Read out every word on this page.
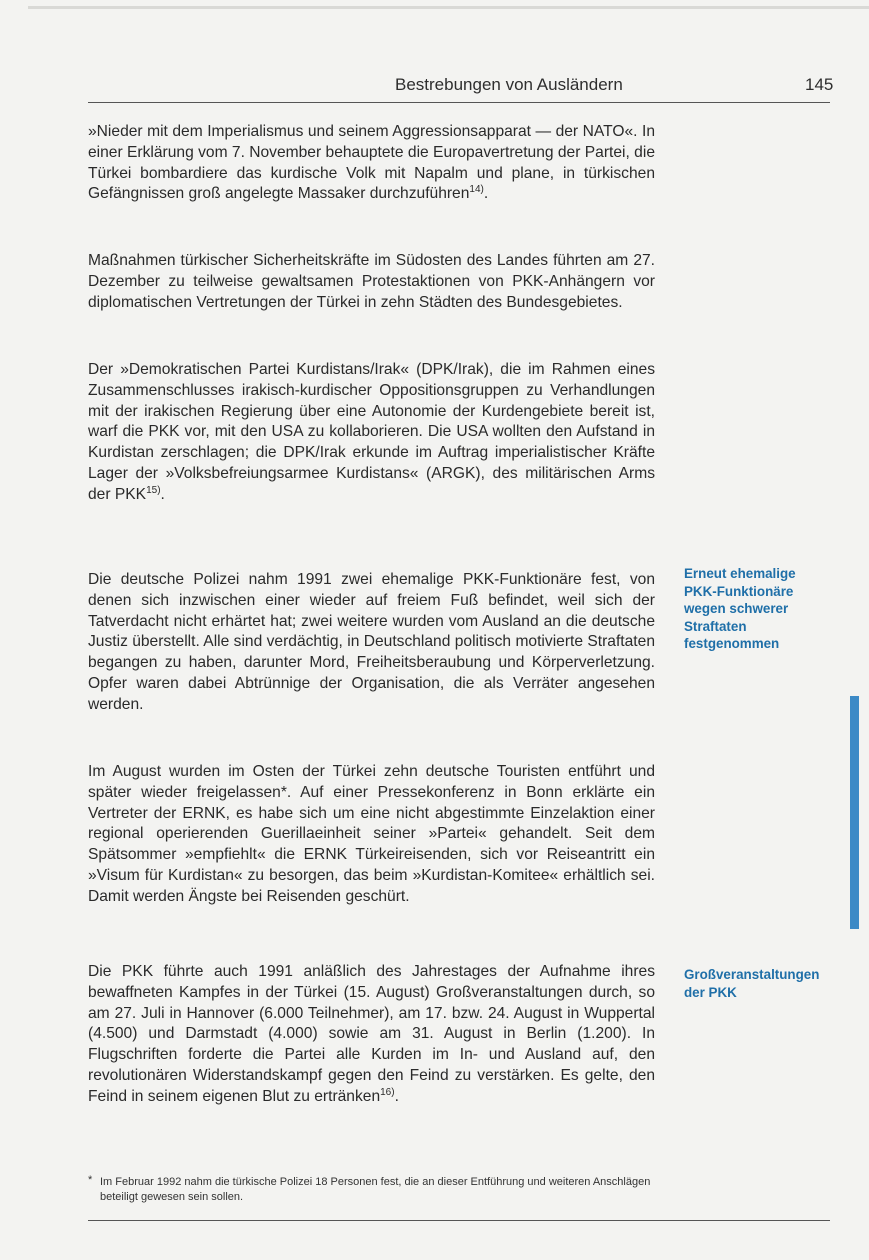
Bestrebungen von Ausländern	145

»Nieder mit dem Imperialismus und seinem Aggressionsapparat — der NATO«. In einer Erklärung vom 7. November behauptete die Europavertretung der Partei, die Türkei bombardiere das kurdische Volk mit Napalm und plane, in türkischen Gefängnissen groß angelegte Massaker durchzuführen$^{14)}$.

Maßnahmen türkischer Sicherheitskräfte im Südosten des Landes führten am 27. Dezember zu teilweise gewaltsamen Protestaktionen von PKK-Anhängern vor diplomatischen Vertretungen der Türkei in zehn Städten des Bundesgebietes.

Der »Demokratischen Partei Kurdistans/Irak« (DPK/Irak), die im Rahmen eines Zusammenschlusses irakisch-kurdischer Oppositionsgruppen zu Verhandlungen mit der irakischen Regierung über eine Autonomie der Kurdengebiete bereit ist, warf die PKK vor, mit den USA zu kollaborieren. Die USA wollten den Aufstand in Kurdistan zerschlagen; die DPK/Irak erkunde im Auftrag imperialistischer Kräfte Lager der »Volksbefreiungsarmee Kurdistans« (ARGK), des militärischen Arms der PKK$^{15)}$.

Die deutsche Polizei nahm 1991 zwei ehemalige PKK-Funktionäre fest, von denen sich inzwischen einer wieder auf freiem Fuß befindet, weil sich der Tatverdacht nicht erhärtet hat; zwei weitere wurden vom Ausland an die deutsche Justiz überstellt. Alle sind verdächtig, in Deutschland politisch motivierte Straftaten begangen zu haben, darunter Mord, Freiheitsberaubung und Körperverletzung. Opfer waren dabei Abtrünnige der Organisation, die als Verräter angesehen werden.

Im August wurden im Osten der Türkei zehn deutsche Touristen entführt und später wieder freigelassen*. Auf einer Pressekonferenz in Bonn erklärte ein Vertreter der ERNK, es habe sich um eine nicht abgestimmte Einzelaktion einer regional operierenden Guerillaeinheit seiner »Partei« gehandelt. Seit dem Spätsommer »empfiehlt« die ERNK Türkeireisenden, sich vor Reiseantritt ein »Visum für Kurdistan« zu besorgen, das beim »Kurdistan-Komitee« erhältlich sei. Damit werden Ängste bei Reisenden geschürt.

Die PKK führte auch 1991 anläßlich des Jahrestages der Aufnahme ihres bewaffneten Kampfes in der Türkei (15. August) Großveranstaltungen durch, so am 27. Juli in Hannover (6.000 Teilnehmer), am 17. bzw. 24. August in Wuppertal (4.500) und Darmstadt (4.000) sowie am 31. August in Berlin (1.200). In Flugschriften forderte die Partei alle Kurden im In- und Ausland auf, den revolutionären Widerstandskampf gegen den Feind zu verstärken. Es gelte, den Feind in seinem eigenen Blut zu ertränken$^{16)}$.

Erneut ehemalige PKK-Funktionäre wegen schwerer Straftaten festgenommen
Großveranstaltungen der PKK
* Im Februar 1992 nahm die türkische Polizei 18 Personen fest, die an dieser Entführung und weiteren Anschlägen beteiligt gewesen sein sollen.
